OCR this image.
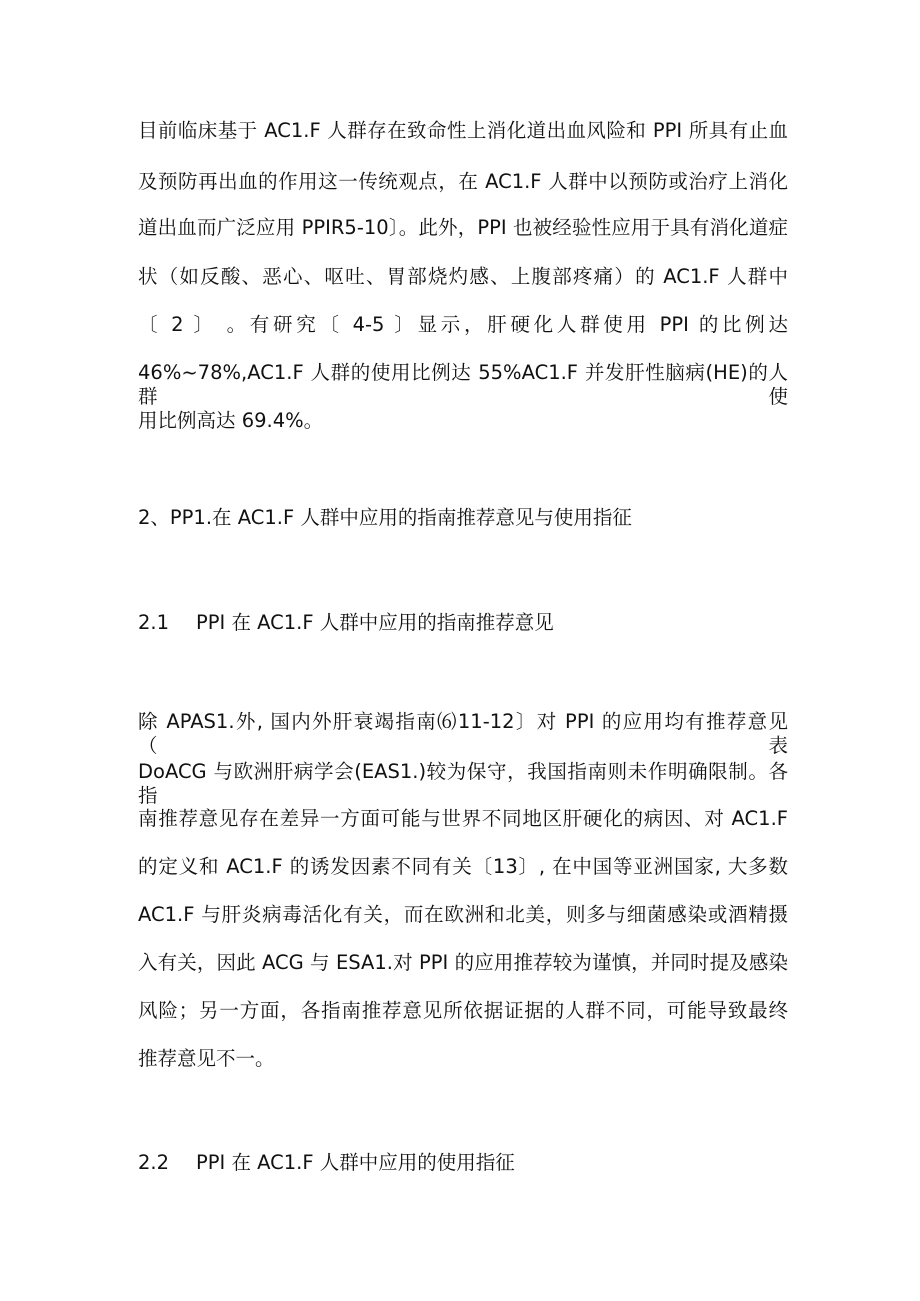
目前临床基于 AC1.F 人群存在致命性上消化道出血风险和 PPI 所具有止血
及预防再出血的作用这一传统观点，在 AC1.F 人群中以预防或治疗上消化
道出血而广泛应用 PPIR5-10〕。此外，PPI 也被经验性应用于具有消化道症
状（如反酸、恶心、呕吐、胃部烧灼感、上腹部疼痛）的 AC1.F 人群中
〔 2 〕 。有研究〔 4-5 〕显示，肝硬化人群使用 PPI 的比例达
46%~78%,AC1.F 人群的使用比例达 55%AC1.F 并发肝性脑病(HE)的人群使
用比例高达 69.4%。
2、PP1.在 AC1.F 人群中应用的指南推荐意见与使用指征
2.1 PPI 在 AC1.F 人群中应用的指南推荐意见
除 APAS1.外, 国内外肝衰竭指南⑹11-12〕对 PPI 的应用均有推荐意见（表
DoACG 与欧洲肝病学会(EAS1.)较为保守，我国指南则未作明确限制。各指
南推荐意见存在差异一方面可能与世界不同地区肝硬化的病因、对 AC1.F
的定义和 AC1.F 的诱发因素不同有关〔13〕, 在中国等亚洲国家, 大多数
AC1.F 与肝炎病毒活化有关，而在欧洲和北美，则多与细菌感染或酒精摄
入有关，因此 ACG 与 ESA1.对 PPI 的应用推荐较为谨慎，并同时提及感染
风险；另一方面，各指南推荐意见所依据证据的人群不同，可能导致最终
推荐意见不一。
2.2 PPI 在 AC1.F 人群中应用的使用指征
